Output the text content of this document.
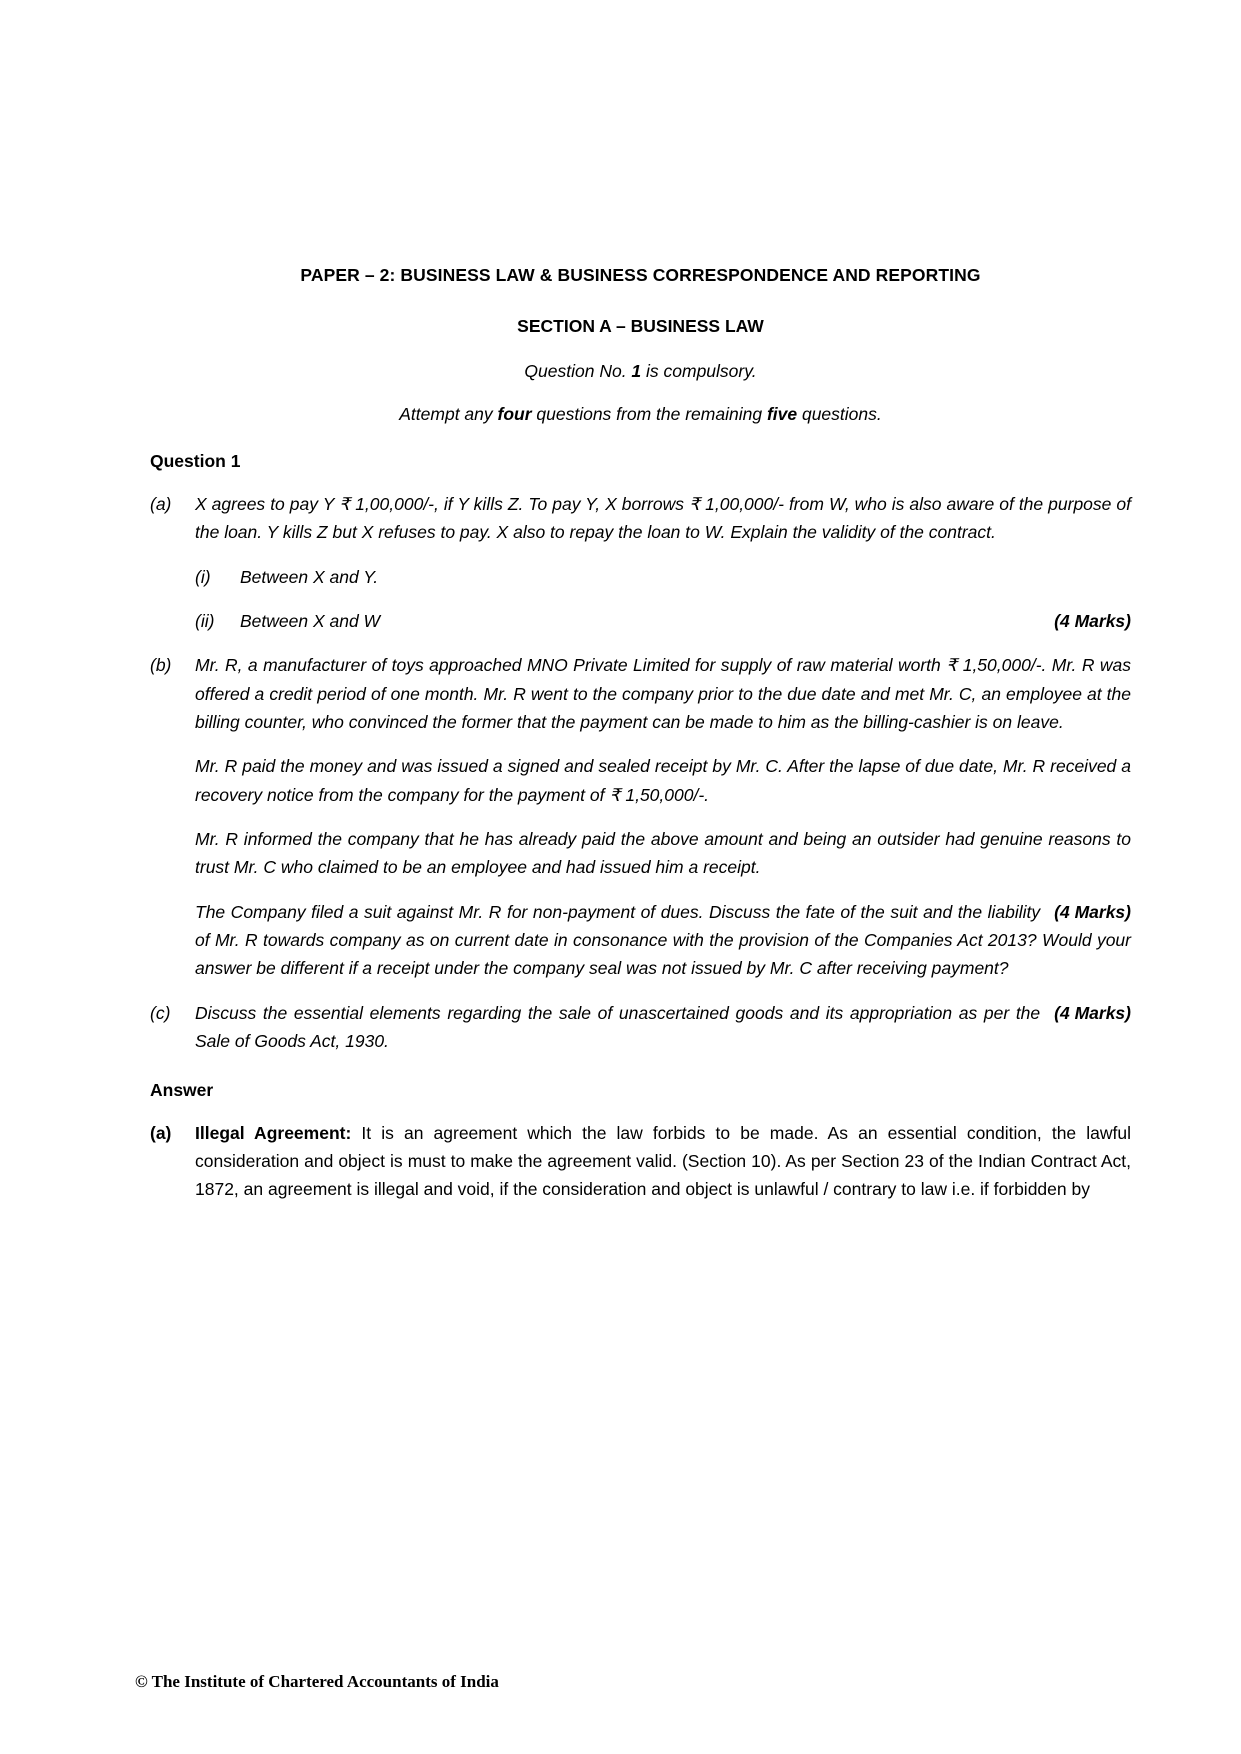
PAPER – 2: BUSINESS LAW & BUSINESS CORRESPONDENCE AND REPORTING
SECTION A – BUSINESS LAW
Question No. 1 is compulsory.
Attempt any four questions from the remaining five questions.
Question 1
(a)	X agrees to pay Y ₹ 1,00,000/-, if Y kills Z. To pay Y, X borrows ₹ 1,00,000/- from W, who is also aware of the purpose of the loan. Y kills Z but X refuses to pay. X also to repay the loan to W. Explain the validity of the contract.
(i)	Between X and Y.
(ii)	Between X and W	(4 Marks)
(b)	Mr. R, a manufacturer of toys approached MNO Private Limited for supply of raw material worth ₹ 1,50,000/-. Mr. R was offered a credit period of one month. Mr. R went to the company prior to the due date and met Mr. C, an employee at the billing counter, who convinced the former that the payment can be made to him as the billing-cashier is on leave.
Mr. R paid the money and was issued a signed and sealed receipt by Mr. C. After the lapse of due date, Mr. R received a recovery notice from the company for the payment of ₹ 1,50,000/-.
Mr. R informed the company that he has already paid the above amount and being an outsider had genuine reasons to trust Mr. C who claimed to be an employee and had issued him a receipt.
(4 Marks)
The Company filed a suit against Mr. R for non-payment of dues. Discuss the fate of the suit and the liability of Mr. R towards company as on current date in consonance with the provision of the Companies Act 2013? Would your answer be different if a receipt under the company seal was not issued by Mr. C after receiving payment?
(c)	(4 Marks)
Discuss the essential elements regarding the sale of unascertained goods and its appropriation as per the Sale of Goods Act, 1930.
Answer
(a)	Illegal Agreement: It is an agreement which the law forbids to be made. As an essential condition, the lawful consideration and object is must to make the agreement valid. (Section 10). As per Section 23 of the Indian Contract Act, 1872, an agreement is illegal and void, if the consideration and object is unlawful / contrary to law i.e. if forbidden by
© The Institute of Chartered Accountants of India
